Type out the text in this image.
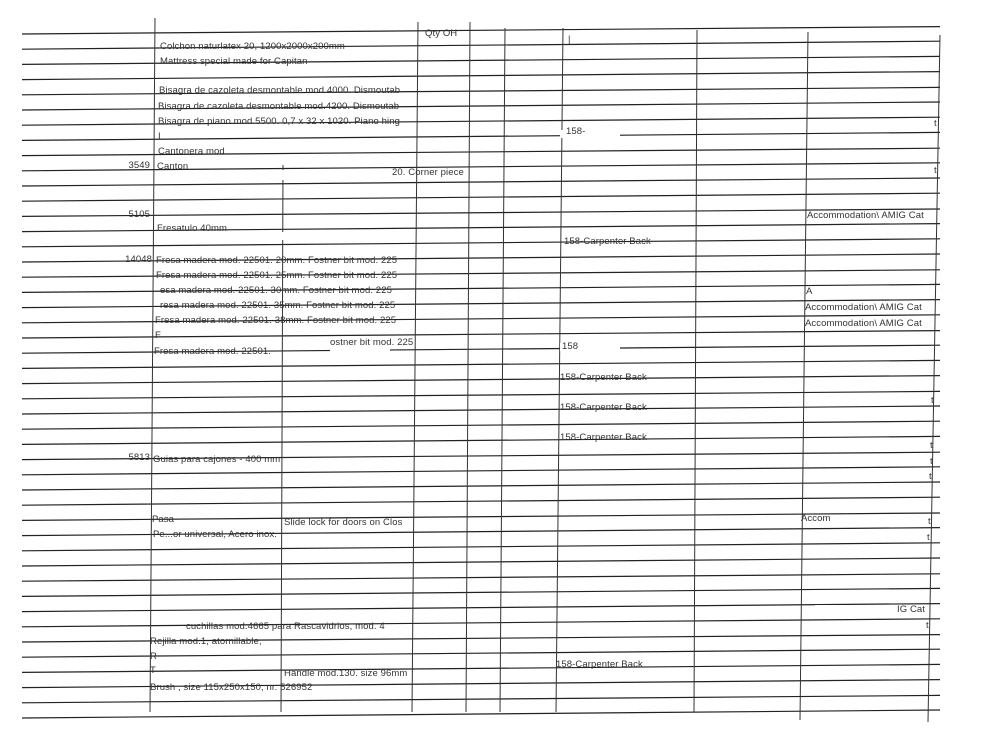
Qty OH
|
Colchon naturlatex 20, 1200x2000x200mm
Mattress special made for Capitan
Bisagra de cazoleta desmontable mod.4000. Dismoutab
Bisagra de cazoleta desmontable mod.4200. Dismoutab
Bisagra de piano mod.5500. 0,7 x 32 x 1020. Piano hing
I
Cantonera mod
Canton
Fresatulo 40mm
Fresa madera mod. 22501. 20mm. Fostner bit mod. 225
Fresa madera mod. 22501. 25mm. Fostner bit mod. 225
esa madera mod. 22501. 30mm. Fostner bit mod. 225
resa madera mod. 22501. 35mm. Fostner bit mod. 225
Fresa madera mod. 22501. 38mm. Fostner bit mod. 225
F
Fresa madera mod. 22501.
Guias para cajones - 400 mm
Pasa
Pe...or universal, Acero inox.
cuchillas mod.4665 para Rascavidrios, mod. 4
Rejilla mod.1, atornillable,
R
T
Brush , size 115x250x150, nr. 526952
20. Corner piece
ostner bit mod. 225
Slide lock for doors on Clos
Handle mod.130. size 96mm
3549
5105
14048
5813
158-
158-Carpenter Back
158
158-Carpenter Back
158-Carpenter Back
158-Carpenter Back
158-Carpenter Back
Accommodation\ AMIG Cat
A
Accommodation\ AMIG Cat
Accommodation\ AMIG Cat
Accom
IG Cat
t
t
t
t
t
t
t
t
t
